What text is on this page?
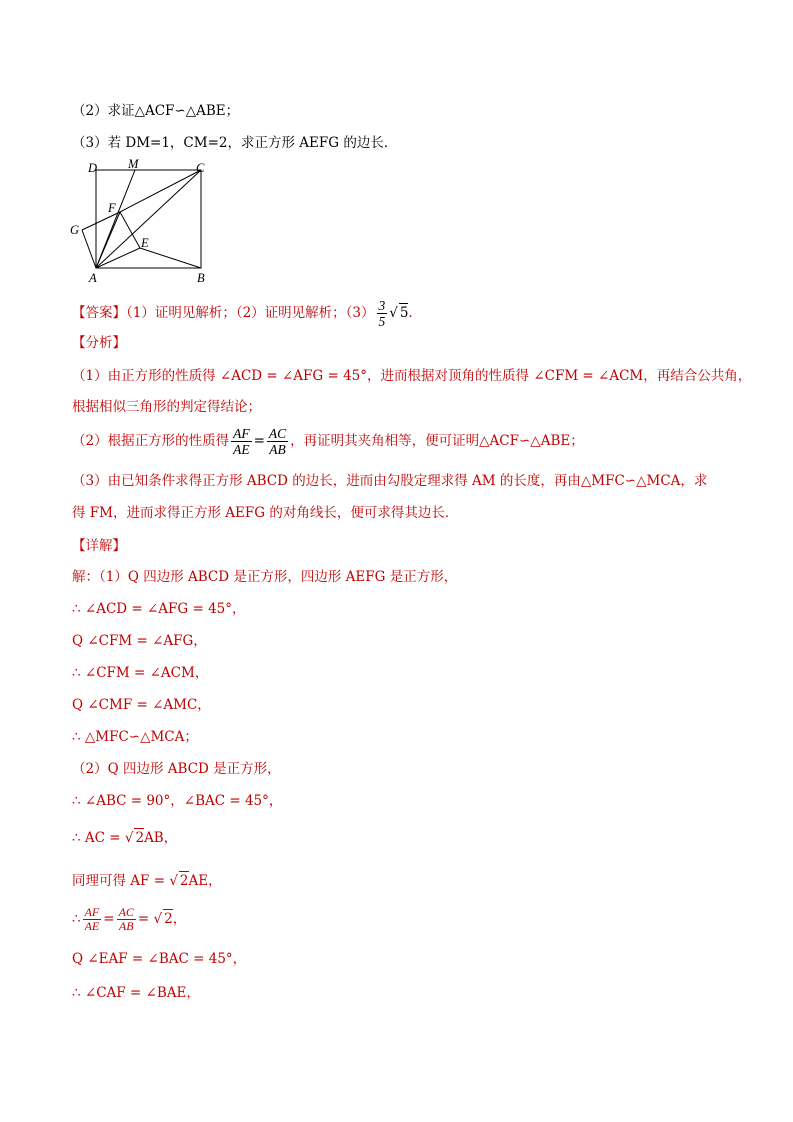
（2）求证△ACF∽△ABE；
（3）若 DM=1，CM=2，求正方形 AEFG 的边长．
D M	C
F
G
E
A	B
【答案】（1）证明见解析；（2）证明见解析；$(3) \frac{3}{5}$ √ 5．
【分析】
（1）由正方形的性质得 ∠ACD = ∠AFG = 45°，进而根据对顶角的性质得 ∠CFM = ∠ACM，再结合公共角，
根据相似三角形的判定得结论；
（2）根据正方形的性质得 $\frac{AF}{AE} = \frac{AC}{AB}$ ，再证明其夹角相等，便可证明△ACF∽△ABE；
（3）由已知条件求得正方形 ABCD 的边长，进而由勾股定理求得 AM 的长度，再由△MFC∽△MCA，求
得 FM，进而求得正方形 AEFG 的对角线长，便可求得其边长．
【详解】
解：（1）Q 四边形 ABCD 是正方形，四边形 AEFG 是正方形，
∴ ∠ACD = ∠AFG = 45°，
Q ∠CFM = ∠AFG，
∴ ∠CFM = ∠ACM，
Q ∠CMF = ∠AMC，
∴ △MFC∽△MCA；
（2）Q 四边形 ABCD 是正方形，
∴ ∠ABC = 90°，∠BAC = 45°，
∴ AC = √ 2AB，
同理可得 AF = √ 2AE，
∴ $\frac{AF}{AE} = \frac{AC}{AB}$ = √ 2，
Q ∠EAF = ∠BAC = 45°，
∴ ∠CAF = ∠BAE，
